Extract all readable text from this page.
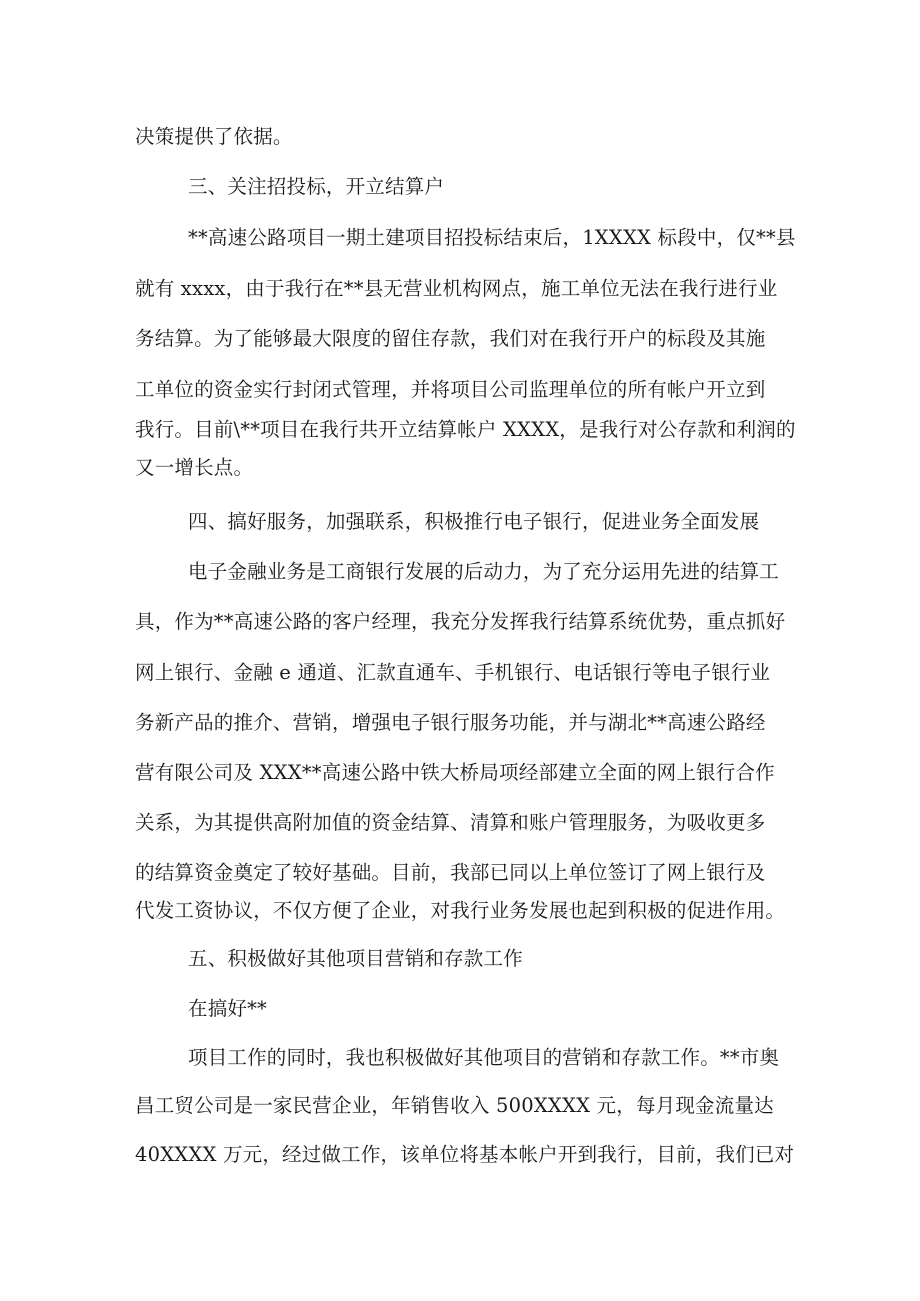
决策提供了依据。
三、关注招投标，开立结算户
**高速公路项目一期土建项目招投标结束后，1XXXX 标段中，仅**县
就有 xxxx，由于我行在**县无营业机构网点，施工单位无法在我行进行业
务结算。为了能够最大限度的留住存款，我们对在我行开户的标段及其施
工单位的资金实行封闭式管理，并将项目公司监理单位的所有帐户开立到
我行。目前\**项目在我行共开立结算帐户 XXXX，是我行对公存款和利润的
又一增长点。
四、搞好服务，加强联系，积极推行电子银行，促进业务全面发展
电子金融业务是工商银行发展的后动力，为了充分运用先进的结算工
具，作为**高速公路的客户经理，我充分发挥我行结算系统优势，重点抓好
网上银行、金融 e 通道、汇款直通车、手机银行、电话银行等电子银行业
务新产品的推介、营销，增强电子银行服务功能，并与湖北**高速公路经
营有限公司及 XXX**高速公路中铁大桥局项经部建立全面的网上银行合作
关系，为其提供高附加值的资金结算、清算和账户管理服务，为吸收更多
的结算资金奠定了较好基础。目前，我部已同以上单位签订了网上银行及
代发工资协议，不仅方便了企业，对我行业务发展也起到积极的促进作用。
五、积极做好其他项目营销和存款工作
在搞好**
项目工作的同时，我也积极做好其他项目的营销和存款工作。**市奥
昌工贸公司是一家民营企业，年销售收入 500XXXX 元，每月现金流量达
40XXXX 万元，经过做工作，该单位将基本帐户开到我行，目前，我们已对
